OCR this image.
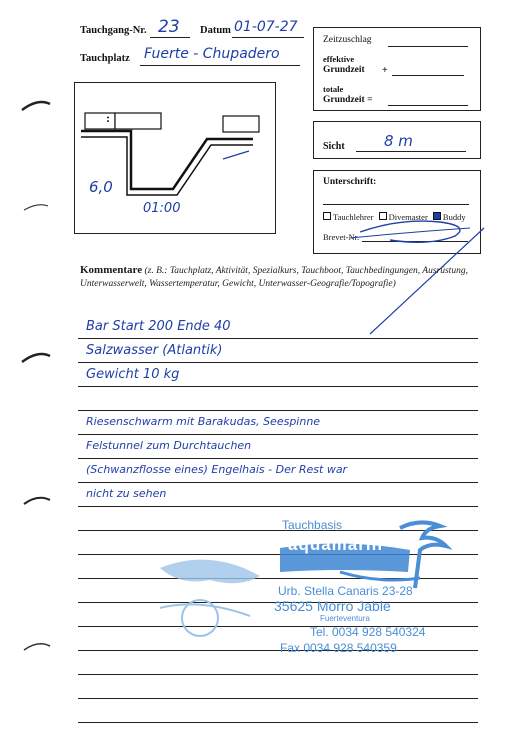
Tauchgang-Nr. 23 Datum 01-07-27
Tauchplatz Fuerte - Chupadero
Zeitzuschlag
effektive
Grundzeit +
totale
Grundzeit =
:
6,0
01:00
Sicht	8 m
Unterschrift:
Tauchlehrer Divemaster Buddy
Brevet-Nr.
Kommentare (z. B.: Tauchplatz, Aktivität, Spezialkurs, Tauchboot, Tauchbedingungen, Ausrüstung, Unterwasserwelt, Wassertemperatur, Gewicht, Unterwasser-Geografie/Topografie)
Bar Start 200 Ende 40
Salzwasser (Atlantik)
Gewicht 10 kg
Riesenschwarm mit Barakudas, Seespinne
Felstunnel zum Durchtauchen
(Schwanzflosse eines) Engelhais - Der Rest war
nicht zu sehen
Tauchbasis
aquamarin
Urb. Stella Canaris 23-28
35625 Morro Jable
Fuerteventura
Tel. 0034 928 540324
Fax 0034 928 540359
